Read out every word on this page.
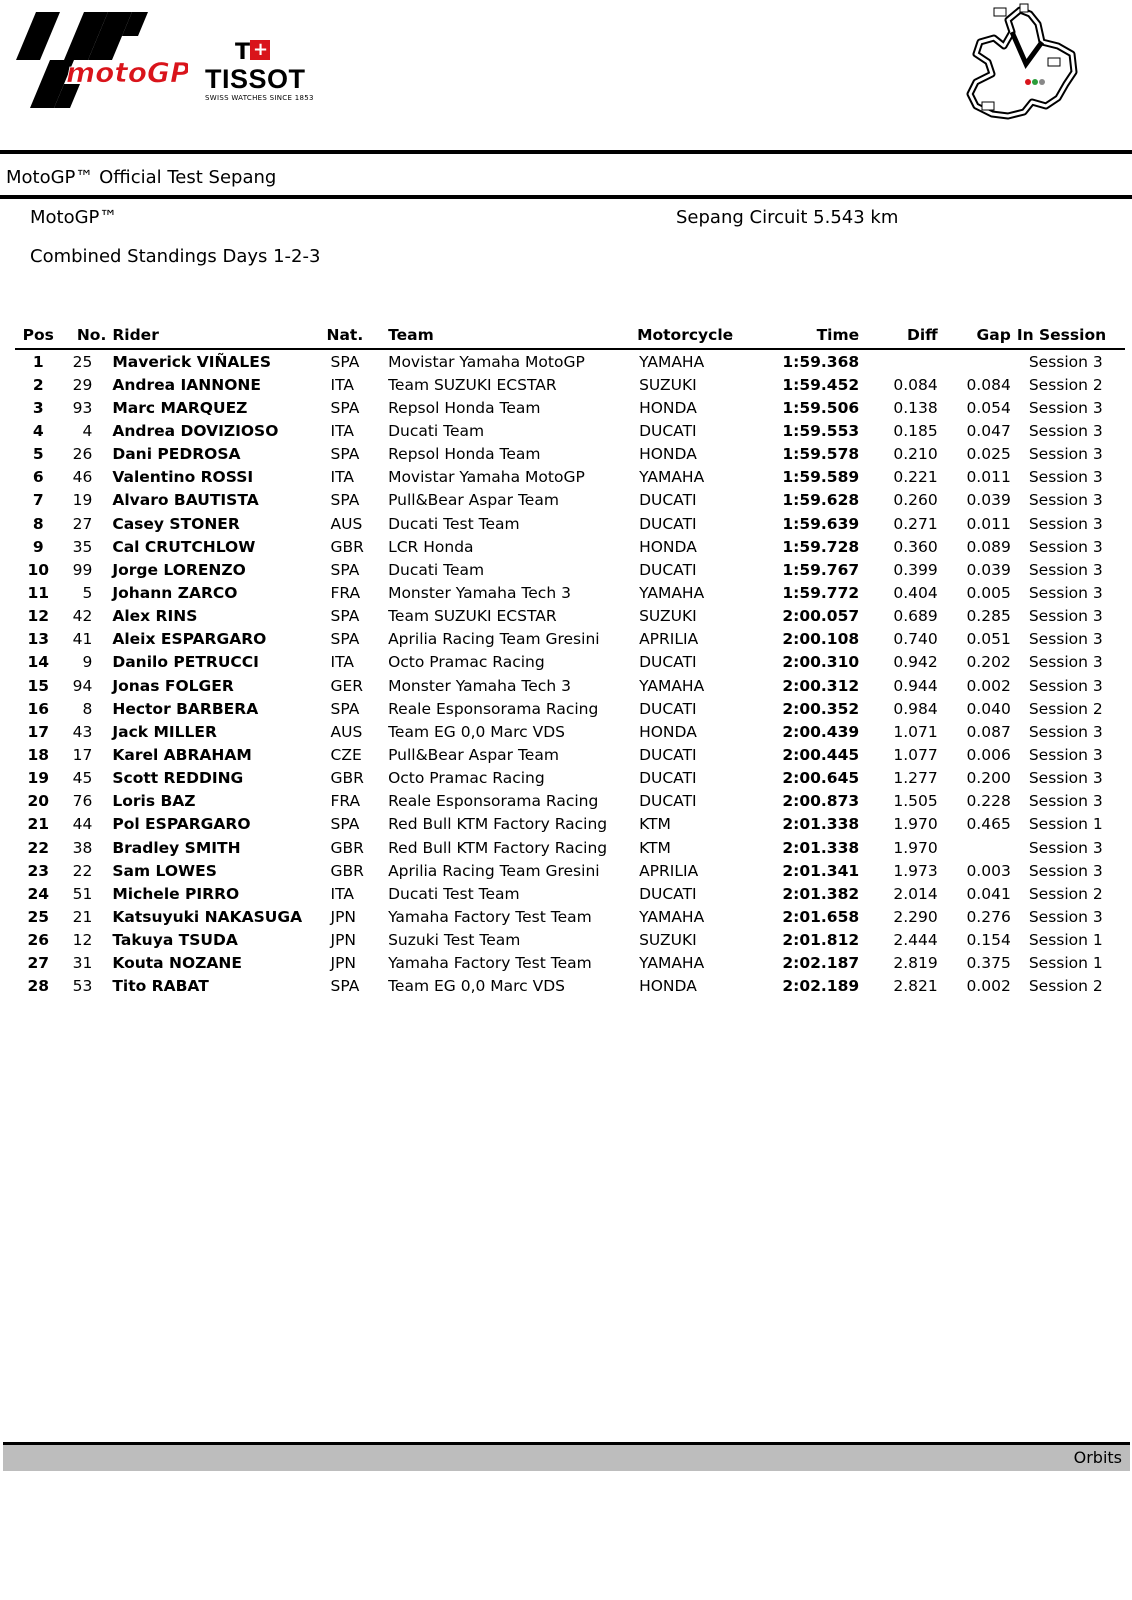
motoGP
T +
TISSOT
SWISS WATCHES SINCE 1853
MotoGP™ Official Test Sepang
MotoGP™	Sepang Circuit 5.543 km
Combined Standings Days 1-2-3
Pos	No.	Rider	Nat.	Team	Motorcycle	Time	Diff	Gap	In Session
1	25	Maverick VIÑALES	SPA	Movistar Yamaha MotoGP	YAMAHA	1:59.368			Session 3
2	29	Andrea IANNONE	ITA	Team SUZUKI ECSTAR	SUZUKI	1:59.452	0.084	0.084	Session 2
3	93	Marc MARQUEZ	SPA	Repsol Honda Team	HONDA	1:59.506	0.138	0.054	Session 3
4	4	Andrea DOVIZIOSO	ITA	Ducati Team	DUCATI	1:59.553	0.185	0.047	Session 3
5	26	Dani PEDROSA	SPA	Repsol Honda Team	HONDA	1:59.578	0.210	0.025	Session 3
6	46	Valentino ROSSI	ITA	Movistar Yamaha MotoGP	YAMAHA	1:59.589	0.221	0.011	Session 3
7	19	Alvaro BAUTISTA	SPA	Pull&Bear Aspar Team	DUCATI	1:59.628	0.260	0.039	Session 3
8	27	Casey STONER	AUS	Ducati Test Team	DUCATI	1:59.639	0.271	0.011	Session 3
9	35	Cal CRUTCHLOW	GBR	LCR Honda	HONDA	1:59.728	0.360	0.089	Session 3
10	99	Jorge LORENZO	SPA	Ducati Team	DUCATI	1:59.767	0.399	0.039	Session 3
11	5	Johann ZARCO	FRA	Monster Yamaha Tech 3	YAMAHA	1:59.772	0.404	0.005	Session 3
12	42	Alex RINS	SPA	Team SUZUKI ECSTAR	SUZUKI	2:00.057	0.689	0.285	Session 3
13	41	Aleix ESPARGARO	SPA	Aprilia Racing Team Gresini	APRILIA	2:00.108	0.740	0.051	Session 3
14	9	Danilo PETRUCCI	ITA	Octo Pramac Racing	DUCATI	2:00.310	0.942	0.202	Session 3
15	94	Jonas FOLGER	GER	Monster Yamaha Tech 3	YAMAHA	2:00.312	0.944	0.002	Session 3
16	8	Hector BARBERA	SPA	Reale Esponsorama Racing	DUCATI	2:00.352	0.984	0.040	Session 2
17	43	Jack MILLER	AUS	Team EG 0,0 Marc VDS	HONDA	2:00.439	1.071	0.087	Session 3
18	17	Karel ABRAHAM	CZE	Pull&Bear Aspar Team	DUCATI	2:00.445	1.077	0.006	Session 3
19	45	Scott REDDING	GBR	Octo Pramac Racing	DUCATI	2:00.645	1.277	0.200	Session 3
20	76	Loris BAZ	FRA	Reale Esponsorama Racing	DUCATI	2:00.873	1.505	0.228	Session 3
21	44	Pol ESPARGARO	SPA	Red Bull KTM Factory Racing	KTM	2:01.338	1.970	0.465	Session 1
22	38	Bradley SMITH	GBR	Red Bull KTM Factory Racing	KTM	2:01.338	1.970		Session 3
23	22	Sam LOWES	GBR	Aprilia Racing Team Gresini	APRILIA	2:01.341	1.973	0.003	Session 3
24	51	Michele PIRRO	ITA	Ducati Test Team	DUCATI	2:01.382	2.014	0.041	Session 2
25	21	Katsuyuki NAKASUGA	JPN	Yamaha Factory Test Team	YAMAHA	2:01.658	2.290	0.276	Session 3
26	12	Takuya TSUDA	JPN	Suzuki Test Team	SUZUKI	2:01.812	2.444	0.154	Session 1
27	31	Kouta NOZANE	JPN	Yamaha Factory Test Team	YAMAHA	2:02.187	2.819	0.375	Session 1
28	53	Tito RABAT	SPA	Team EG 0,0 Marc VDS	HONDA	2:02.189	2.821	0.002	Session 2
Orbits
